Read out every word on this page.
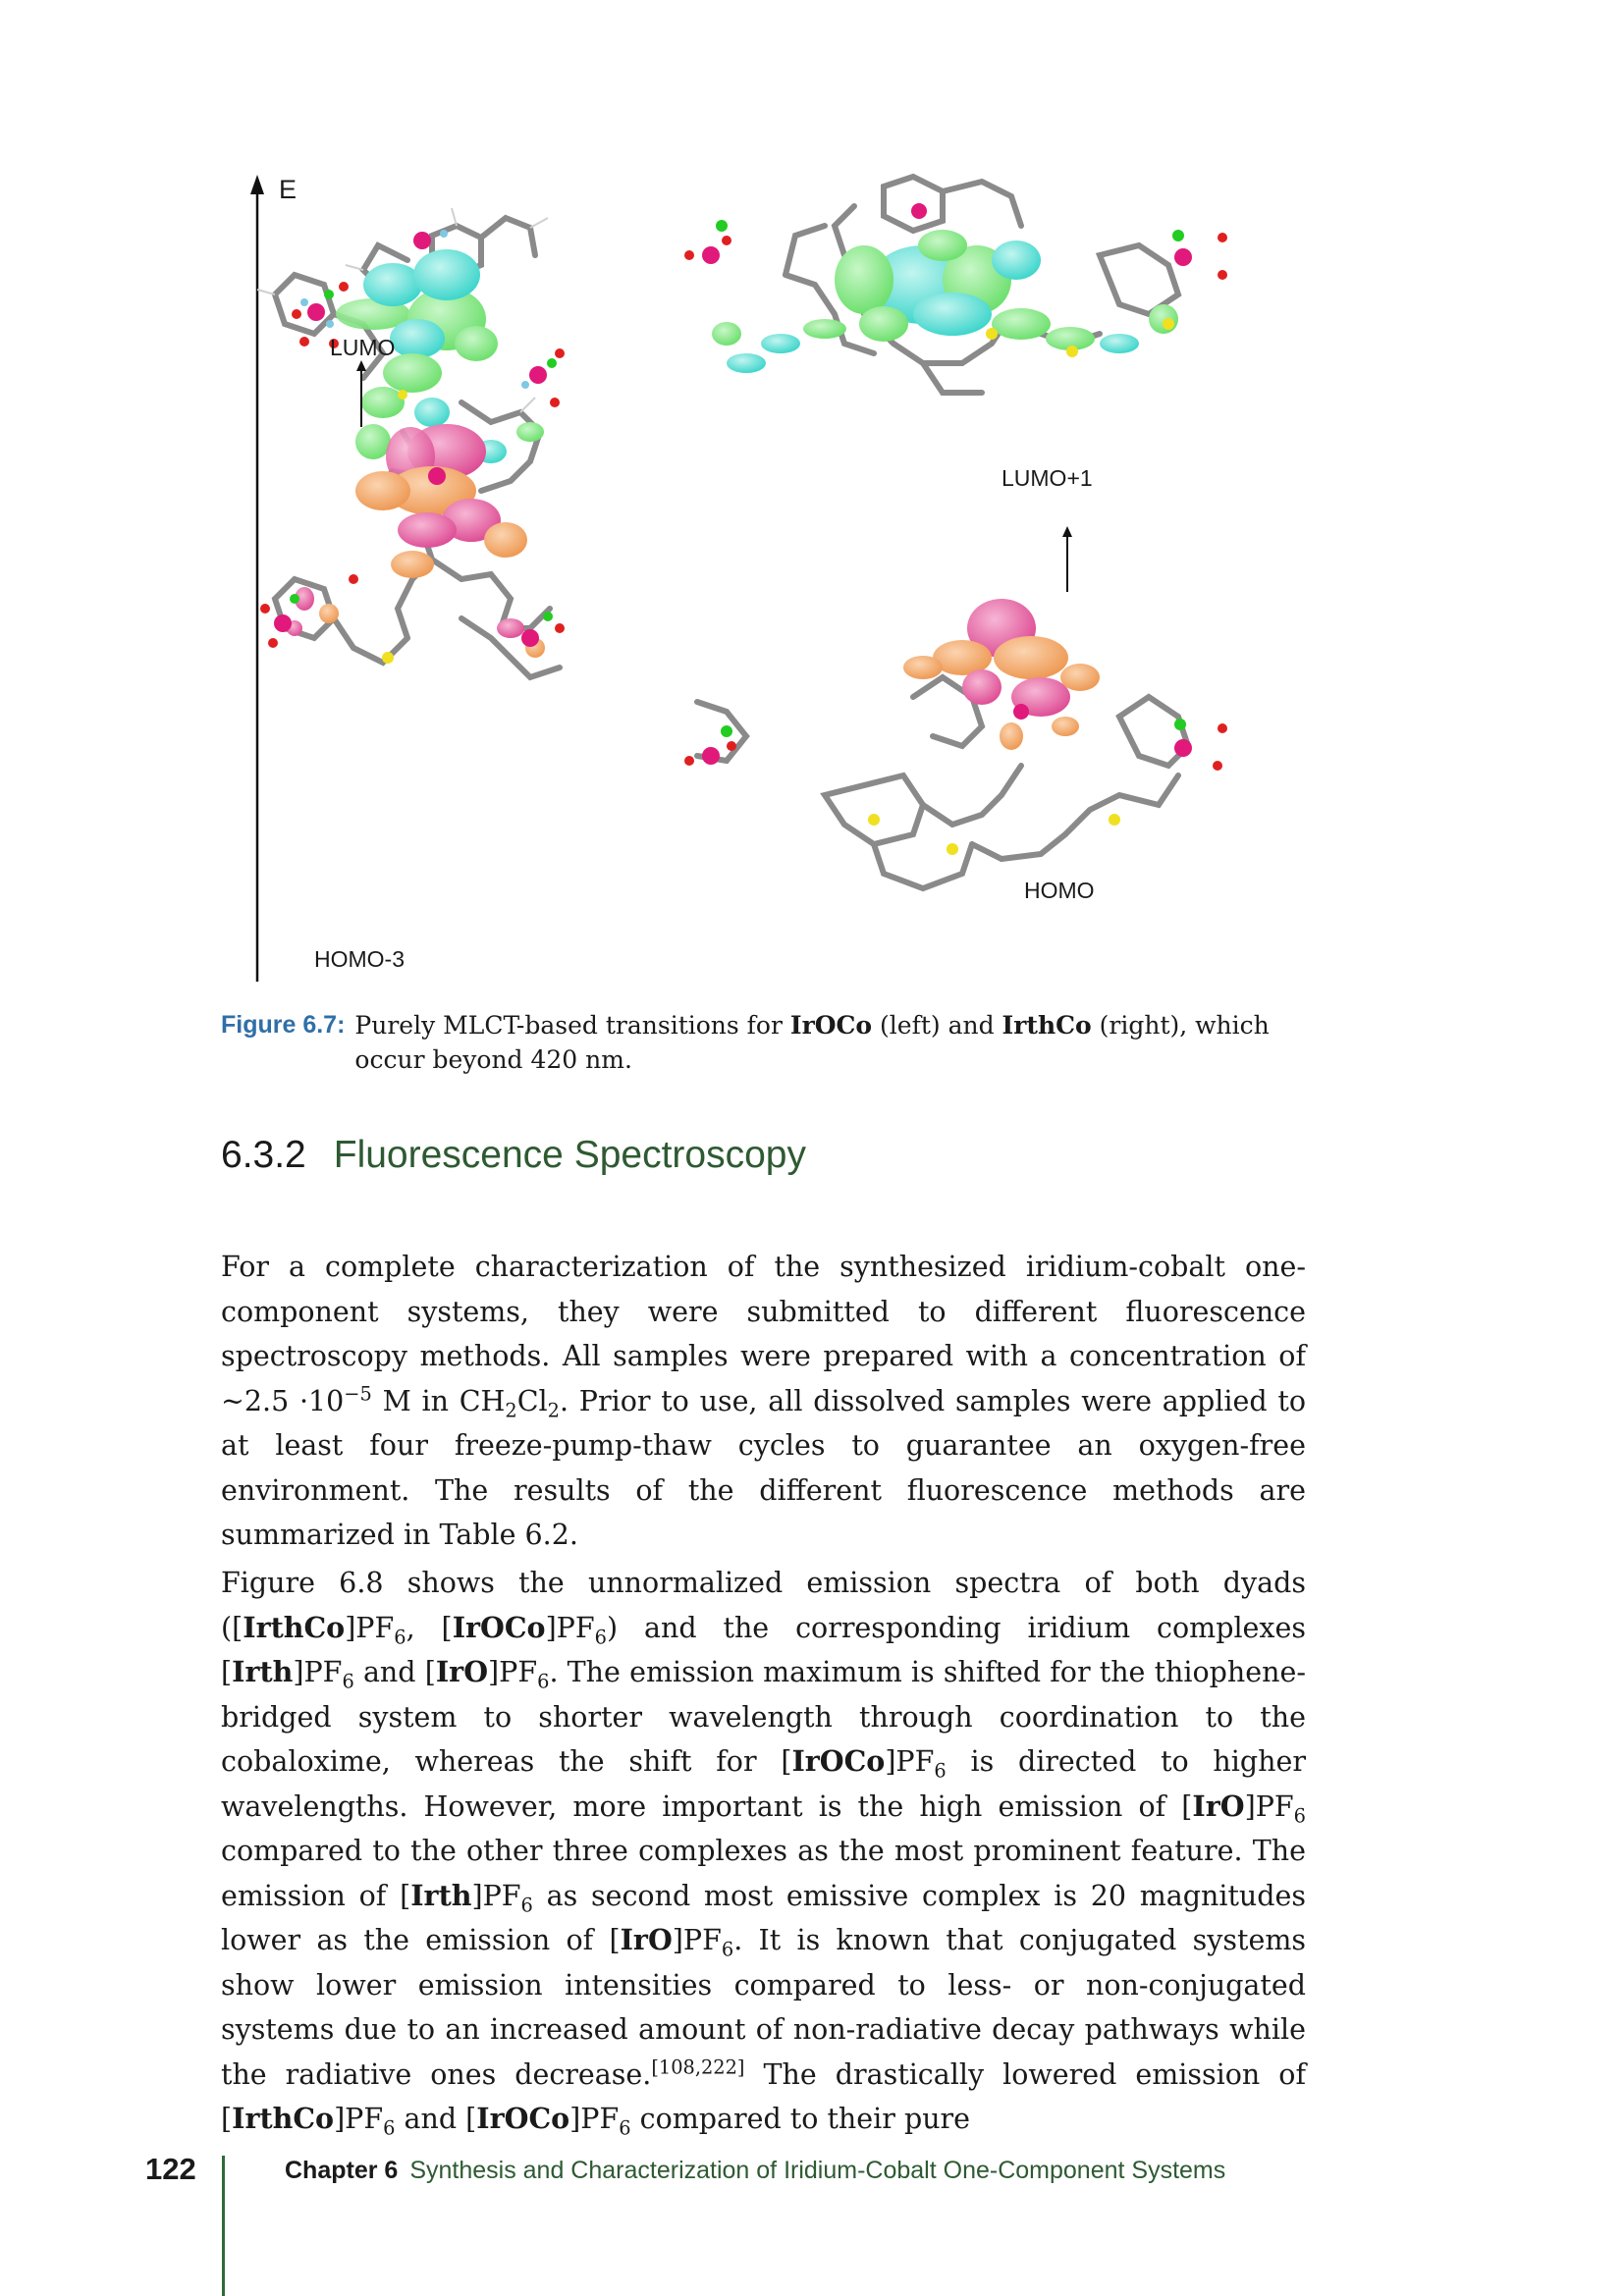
E
LUMO
HOMO-3
LUMO+1
HOMO
Figure 6.7: Purely MLCT-based transitions for IrOCo (left) and IrthCo (right), which occur beyond 420 nm.
6.3.2 Fluorescence Spectroscopy

For a complete characterization of the synthesized iridium-cobalt one-component systems, they were submitted to different fluorescence spectroscopy methods. All samples were prepared with a concentration of ~2.5 $\cdot 10^{-5}$ M in $CH_2Cl_2$. Prior to use, all dissolved samples were applied to at least four freeze-pump-thaw cycles to guarantee an oxygen-free environment. The results of the different fluorescence methods are summarized in Table 6.2.

Figure 6.8 shows the unnormalized emission spectra of both dyads ($[IrthCo]PF_6$, $[IrOCo]PF_6$) and the corresponding iridium complexes $[Irth]PF_6$ and $[IrO]PF_6$. The emission maximum is shifted for the thiophene-bridged system to shorter wavelength through coordination to the cobaloxime, whereas the shift for $[IrOCo]PF_6$ is directed to higher wavelengths. However, more important is the high emission of $[IrO]PF_6$ compared to the other three complexes as the most prominent feature. The emission of $[Irth]PF_6$ as second most emissive complex is 20 magnitudes lower as the emission of $[IrO]PF_6$. It is known that conjugated systems show lower emission intensities compared to less- or non-conjugated systems due to an increased amount of non-radiative decay pathways while the radiative ones decrease.[108,222] The drastically lowered emission of $[IrthCo]PF_6$ and $[IrOCo]PF_6$ compared to their pure

122	Chapter 6 Synthesis and Characterization of Iridium-Cobalt One-Component Systems
